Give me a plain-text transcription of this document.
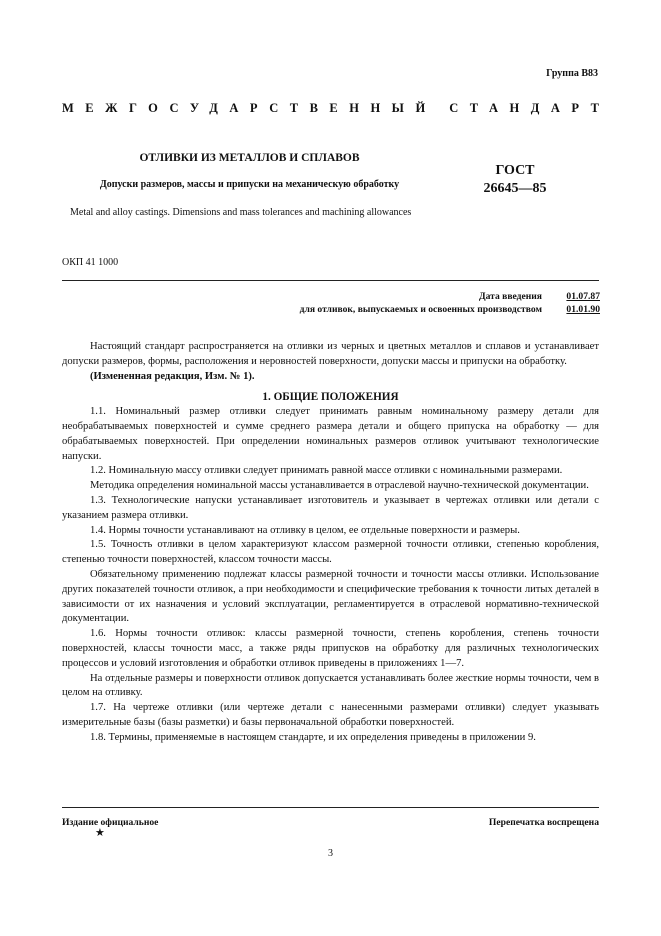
Группа В83
МЕЖГОСУДАРСТВЕННЫЙ СТАНДАРТ
ОТЛИВКИ ИЗ МЕТАЛЛОВ И СПЛАВОВ
Допуски размеров, массы и припуски на механическую обработку
ГОСТ
26645—85
Metal and alloy castings. Dimensions and mass tolerances and machining allowances
ОКП 41 1000
Дата введения	01.07.87
для отливок, выпускаемых и освоенных производством	01.01.90

Настоящий стандарт распространяется на отливки из черных и цветных металлов и сплавов и устанавливает допуски размеров, формы, расположения и неровностей поверхности, допуски массы и припуски на обработку.

(Измененная редакция, Изм. № 1).

1. ОБЩИЕ ПОЛОЖЕНИЯ

1.1. Номинальный размер отливки следует принимать равным номинальному размеру детали для необрабатываемых поверхностей и сумме среднего размера детали и общего припуска на обработку — для обрабатываемых поверхностей. При определении номинальных размеров отливок учитывают технологические напуски.

1.2. Номинальную массу отливки следует принимать равной массе отливки с номинальными размерами.

Методика определения номинальной массы устанавливается в отраслевой научно-технической документации.

1.3. Технологические напуски устанавливает изготовитель и указывает в чертежах отливки или детали с указанием размера отливки.

1.4. Нормы точности устанавливают на отливку в целом, ее отдельные поверхности и размеры.

1.5. Точность отливки в целом характеризуют классом размерной точности отливки, степенью коробления, степенью точности поверхностей, классом точности массы.

Обязательному применению подлежат классы размерной точности и точности массы отливки. Использование других показателей точности отливок, а при необходимости и специфические требования к точности литых деталей в зависимости от их назначения и условий эксплуатации, регламентируется в отраслевой нормативно-технической документации.

1.6. Нормы точности отливок: классы размерной точности, степень коробления, степень точности поверхностей, классы точности масс, а также ряды припусков на обработку для различных технологических процессов и условий изготовления и обработки отливок приведены в приложениях 1—7.

На отдельные размеры и поверхности отливок допускается устанавливать более жесткие нормы точности, чем в целом на отливку.

1.7. На чертеже отливки (или чертеже детали с нанесенными размерами отливки) следует указывать измерительные базы (базы разметки) и базы первоначальной обработки поверхностей.

1.8. Термины, применяемые в настоящем стандарте, и их определения приведены в приложении 9.

Издание официальное	Перепечатка воспрещена
★
3
